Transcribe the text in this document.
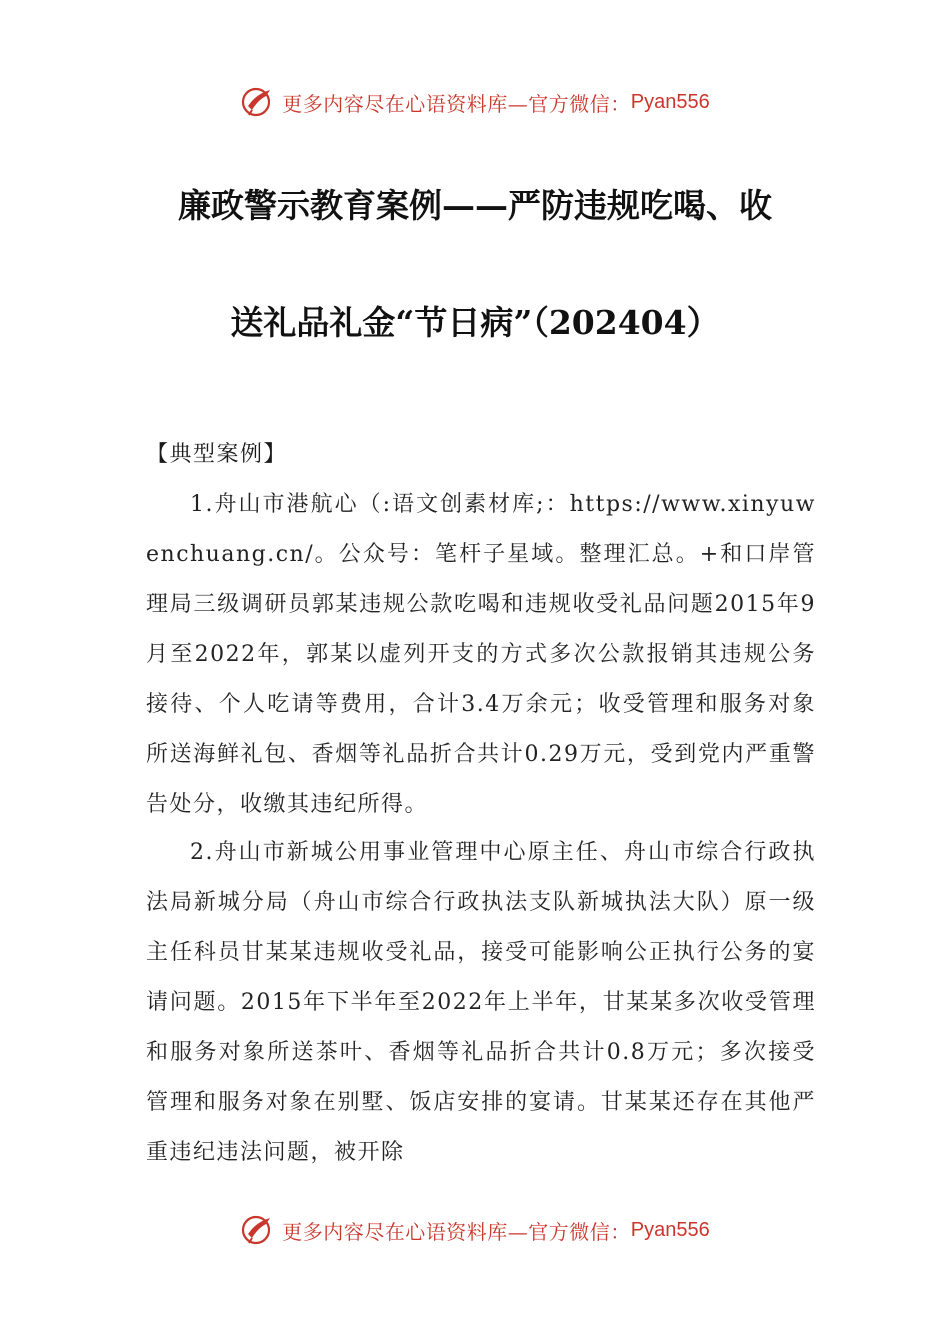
更多内容尽在心语资料库—官方微信： Pyan556
廉政警示教育案例——严防违规吃喝、收
送礼品礼金“节日病”（202404）
【典型案例】

1.舟山市港航心（:语文创素材库;：https://www.xinyuwenchuang.cn/。公众号：笔杆子星域。整理汇总。+和口岸管理局三级调研员郭某违规公款吃喝和违规收受礼品问题2015年9月至2022年，郭某以虚列开支的方式多次公款报销其违规公务接待、个人吃请等费用，合计3.4万余元；收受管理和服务对象所送海鲜礼包、香烟等礼品折合共计0.29万元，受到党内严重警告处分，收缴其违纪所得。

2.舟山市新城公用事业管理中心原主任、舟山市综合行政执法局新城分局（舟山市综合行政执法支队新城执法大队）原一级主任科员甘某某违规收受礼品，接受可能影响公正执行公务的宴请问题。2015年下半年至2022年上半年，甘某某多次收受管理和服务对象所送茶叶、香烟等礼品折合共计0.8万元；多次接受管理和服务对象在别墅、饭店安排的宴请。甘某某还存在其他严重违纪违法问题，被开除

更多内容尽在心语资料库—官方微信： Pyan556
